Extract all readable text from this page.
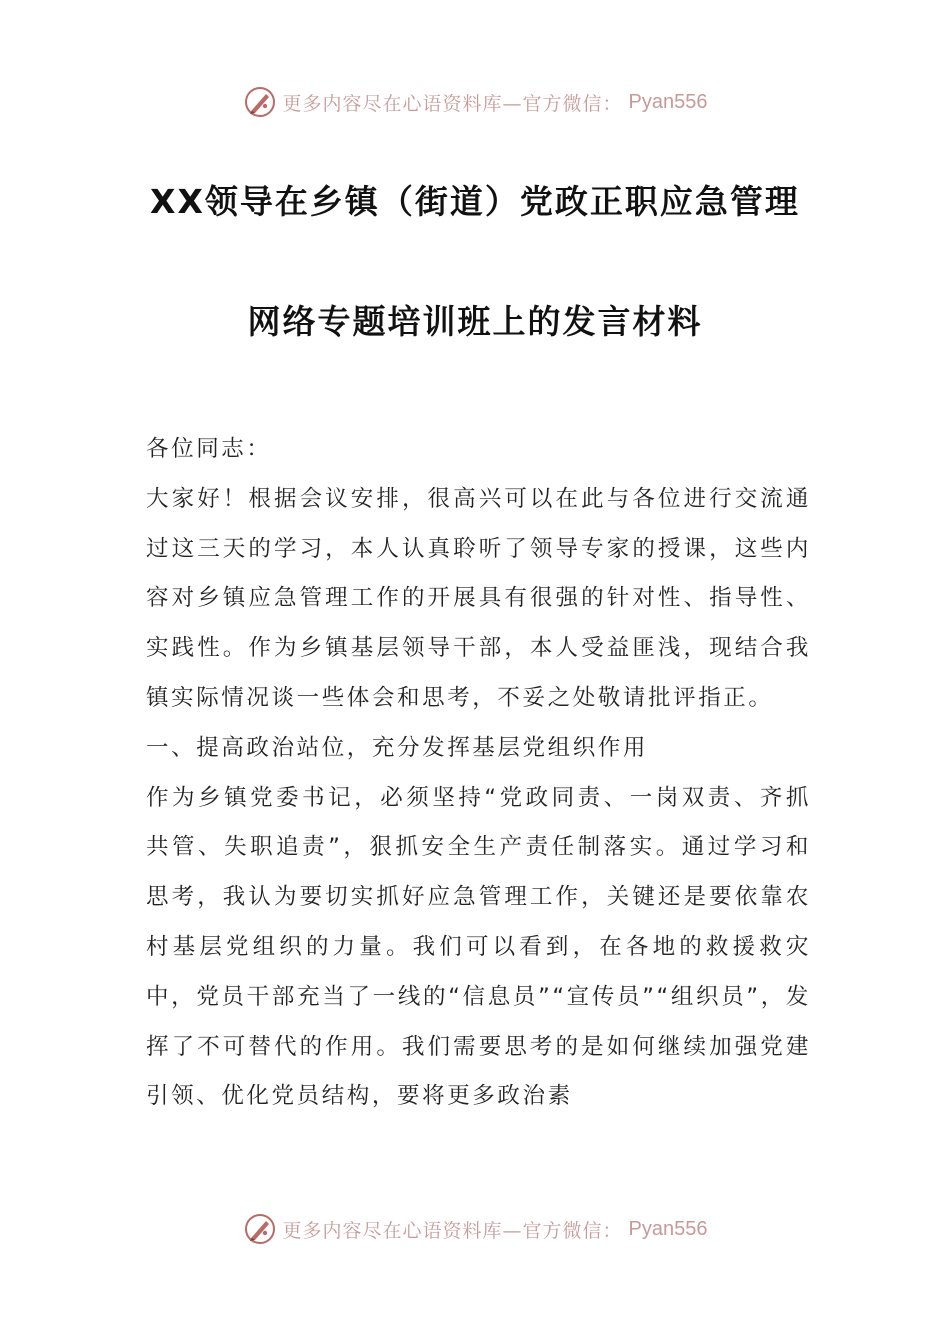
更多内容尽在心语资料库—官方微信： Pyan556
XX领导在乡镇（街道）党政正职应急管理
网络专题培训班上的发言材料

各位同志：

大家好！根据会议安排，很高兴可以在此与各位进行交流通过这三天的学习，本人认真聆听了领导专家的授课，这些内容对乡镇应急管理工作的开展具有很强的针对性、指导性、实践性。作为乡镇基层领导干部，本人受益匪浅，现结合我镇实际情况谈一些体会和思考，不妥之处敬请批评指正。

一、提高政治站位，充分发挥基层党组织作用

作为乡镇党委书记，必须坚持“党政同责、一岗双责、齐抓共管、失职追责”，狠抓安全生产责任制落实。通过学习和思考，我认为要切实抓好应急管理工作，关键还是要依靠农村基层党组织的力量。我们可以看到，在各地的救援救灾中，党员干部充当了一线的“信息员”“宣传员”“组织员”，发挥了不可替代的作用。我们需要思考的是如何继续加强党建引领、优化党员结构，要将更多政治素

更多内容尽在心语资料库—官方微信： Pyan556
